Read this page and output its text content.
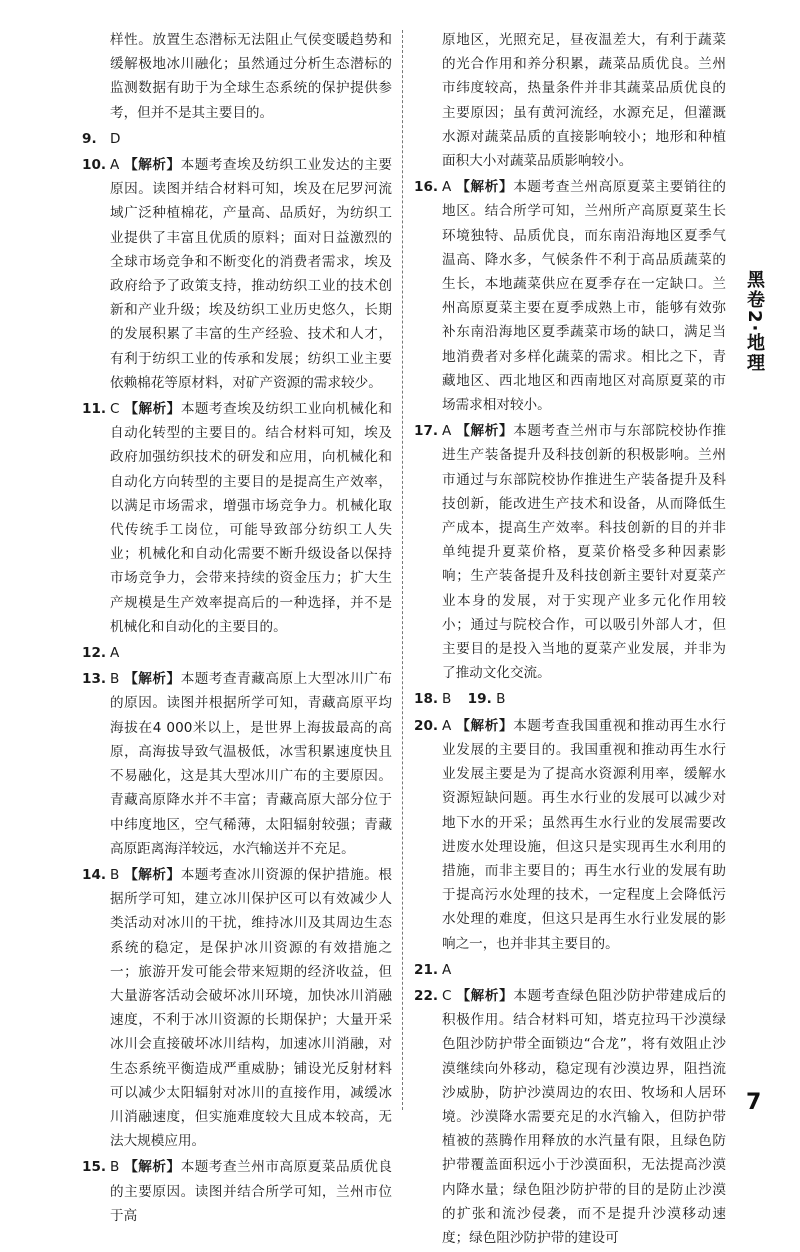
样性。放置生态潜标无法阻止气侯变暖趋势和缓解极地冰川融化；虽然通过分析生态潜标的监测数据有助于为全球生态系统的保护提供参考，但并不是其主要目的。
9. D
10. A 【解析】本题考查埃及纺织工业发达的主要原因。读图并结合材料可知，埃及在尼罗河流域广泛种植棉花，产量高、品质好，为纺织工业提供了丰富且优质的原料；面对日益激烈的全球市场竞争和不断变化的消费者需求，埃及政府给予了政策支持，推动纺织工业的技术创新和产业升级；埃及纺织工业历史悠久，长期的发展积累了丰富的生产经验、技术和人才，有利于纺织工业的传承和发展；纺织工业主要依赖棉花等原材料，对矿产资源的需求较少。
11. C 【解析】本题考查埃及纺织工业向机械化和自动化转型的主要目的。结合材料可知，埃及政府加强纺织技术的研发和应用，向机械化和自动化方向转型的主要目的是提高生产效率，以满足市场需求，增强市场竞争力。机械化取代传统手工岗位，可能导致部分纺织工人失业；机械化和自动化需要不断升级设备以保持市场竞争力，会带来持续的资金压力；扩大生产规模是生产效率提高后的一种选择，并不是机械化和自动化的主要目的。
12. A
13. B 【解析】本题考查青藏高原上大型冰川广布的原因。读图并根据所学可知，青藏高原平均海拔在4 000米以上，是世界上海拔最高的高原，高海拔导致气温极低，冰雪积累速度快且不易融化，这是其大型冰川广布的主要原因。青藏高原降水并不丰富；青藏高原大部分位于中纬度地区，空气稀薄，太阳辐射较强；青藏高原距离海洋较远，水汽输送并不充足。
14. B 【解析】本题考查冰川资源的保护措施。根据所学可知，建立冰川保护区可以有效减少人类活动对冰川的干扰，维持冰川及其周边生态系统的稳定，是保护冰川资源的有效措施之一；旅游开发可能会带来短期的经济收益，但大量游客活动会破坏冰川环境，加快冰川消融速度，不利于冰川资源的长期保护；大量开采冰川会直接破坏冰川结构，加速冰川消融，对生态系统平衡造成严重威胁；铺设光反射材料可以减少太阳辐射对冰川的直接作用，减缓冰川消融速度，但实施难度较大且成本较高，无法大规模应用。
15. B 【解析】本题考查兰州市高原夏菜品质优良的主要原因。读图并结合所学可知，兰州市位于高
原地区，光照充足，昼夜温差大，有利于蔬菜的光合作用和养分积累，蔬菜品质优良。兰州市纬度较高，热量条件并非其蔬菜品质优良的主要原因；虽有黄河流经，水源充足，但灌溉水源对蔬菜品质的直接影响较小；地形和种植面积大小对蔬菜品质影响较小。
16. A 【解析】本题考查兰州高原夏菜主要销往的地区。结合所学可知，兰州所产高原夏菜生长环境独特、品质优良，而东南沿海地区夏季气温高、降水多，气候条件不利于高品质蔬菜的生长，本地蔬菜供应在夏季存在一定缺口。兰州高原夏菜主要在夏季成熟上市，能够有效弥补东南沿海地区夏季蔬菜市场的缺口，满足当地消费者对多样化蔬菜的需求。相比之下，青藏地区、西北地区和西南地区对高原夏菜的市场需求相对较小。
17. A 【解析】本题考查兰州市与东部院校协作推进生产装备提升及科技创新的积极影响。兰州市通过与东部院校协作推进生产装备提升及科技创新，能改进生产技术和设备，从而降低生产成本，提高生产效率。科技创新的目的并非单纯提升夏菜价格，夏菜价格受多种因素影响；生产装备提升及科技创新主要针对夏菜产业本身的发展，对于实现产业多元化作用较小；通过与院校合作，可以吸引外部人才，但主要目的是投入当地的夏菜产业发展，并非为了推动文化交流。
18. B 19. B
20. A 【解析】本题考查我国重视和推动再生水行业发展的主要目的。我国重视和推动再生水行业发展主要是为了提高水资源利用率，缓解水资源短缺问题。再生水行业的发展可以减少对地下水的开采；虽然再生水行业的发展需要改进废水处理设施，但这只是实现再生水利用的措施，而非主要目的；再生水行业的发展有助于提高污水处理的技术，一定程度上会降低污水处理的难度，但这只是再生水行业发展的影响之一，也并非其主要目的。
21. A
22. C 【解析】本题考查绿色阻沙防护带建成后的积极作用。结合材料可知，塔克拉玛干沙漠绿色阻沙防护带全面锁边“合龙”，将有效阻止沙漠继续向外移动，稳定现有沙漠边界，阻挡流沙威胁，防护沙漠周边的农田、牧场和人居环境。沙漠降水需要充足的水汽输入，但防护带植被的蒸腾作用释放的水汽量有限，且绿色防护带覆盖面积远小于沙漠面积，无法提高沙漠内降水量；绿色阻沙防护带的目的是防止沙漠的扩张和流沙侵袭，而不是提升沙漠移动速度；绿色阻沙防护带的建设可
黑卷2·地理
7
